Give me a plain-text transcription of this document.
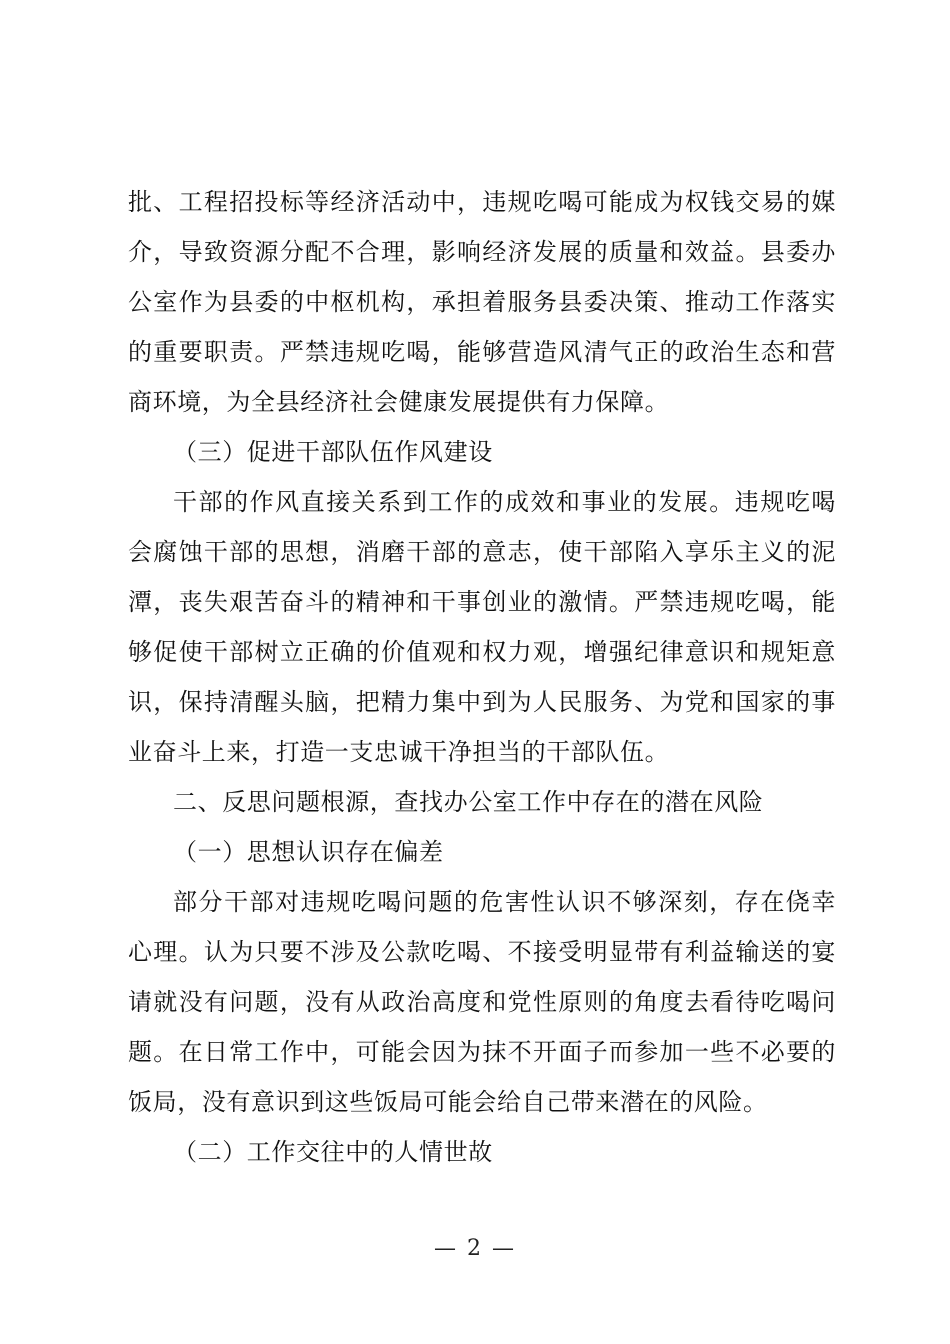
批、工程招投标等经济活动中，违规吃喝可能成为权钱交易的媒介，导致资源分配不合理，影响经济发展的质量和效益。县委办公室作为县委的中枢机构，承担着服务县委决策、推动工作落实的重要职责。严禁违规吃喝，能够营造风清气正的政治生态和营商环境，为全县经济社会健康发展提供有力保障。

（三）促进干部队伍作风建设

干部的作风直接关系到工作的成效和事业的发展。违规吃喝会腐蚀干部的思想，消磨干部的意志，使干部陷入享乐主义的泥潭，丧失艰苦奋斗的精神和干事创业的激情。严禁违规吃喝，能够促使干部树立正确的价值观和权力观，增强纪律意识和规矩意识，保持清醒头脑，把精力集中到为人民服务、为党和国家的事业奋斗上来，打造一支忠诚干净担当的干部队伍。

二、反思问题根源，查找办公室工作中存在的潜在风险

（一）思想认识存在偏差

部分干部对违规吃喝问题的危害性认识不够深刻，存在侥幸心理。认为只要不涉及公款吃喝、不接受明显带有利益输送的宴请就没有问题，没有从政治高度和党性原则的角度去看待吃喝问题。在日常工作中，可能会因为抹不开面子而参加一些不必要的饭局，没有意识到这些饭局可能会给自己带来潜在的风险。

（二）工作交往中的人情世故

— 2 —
